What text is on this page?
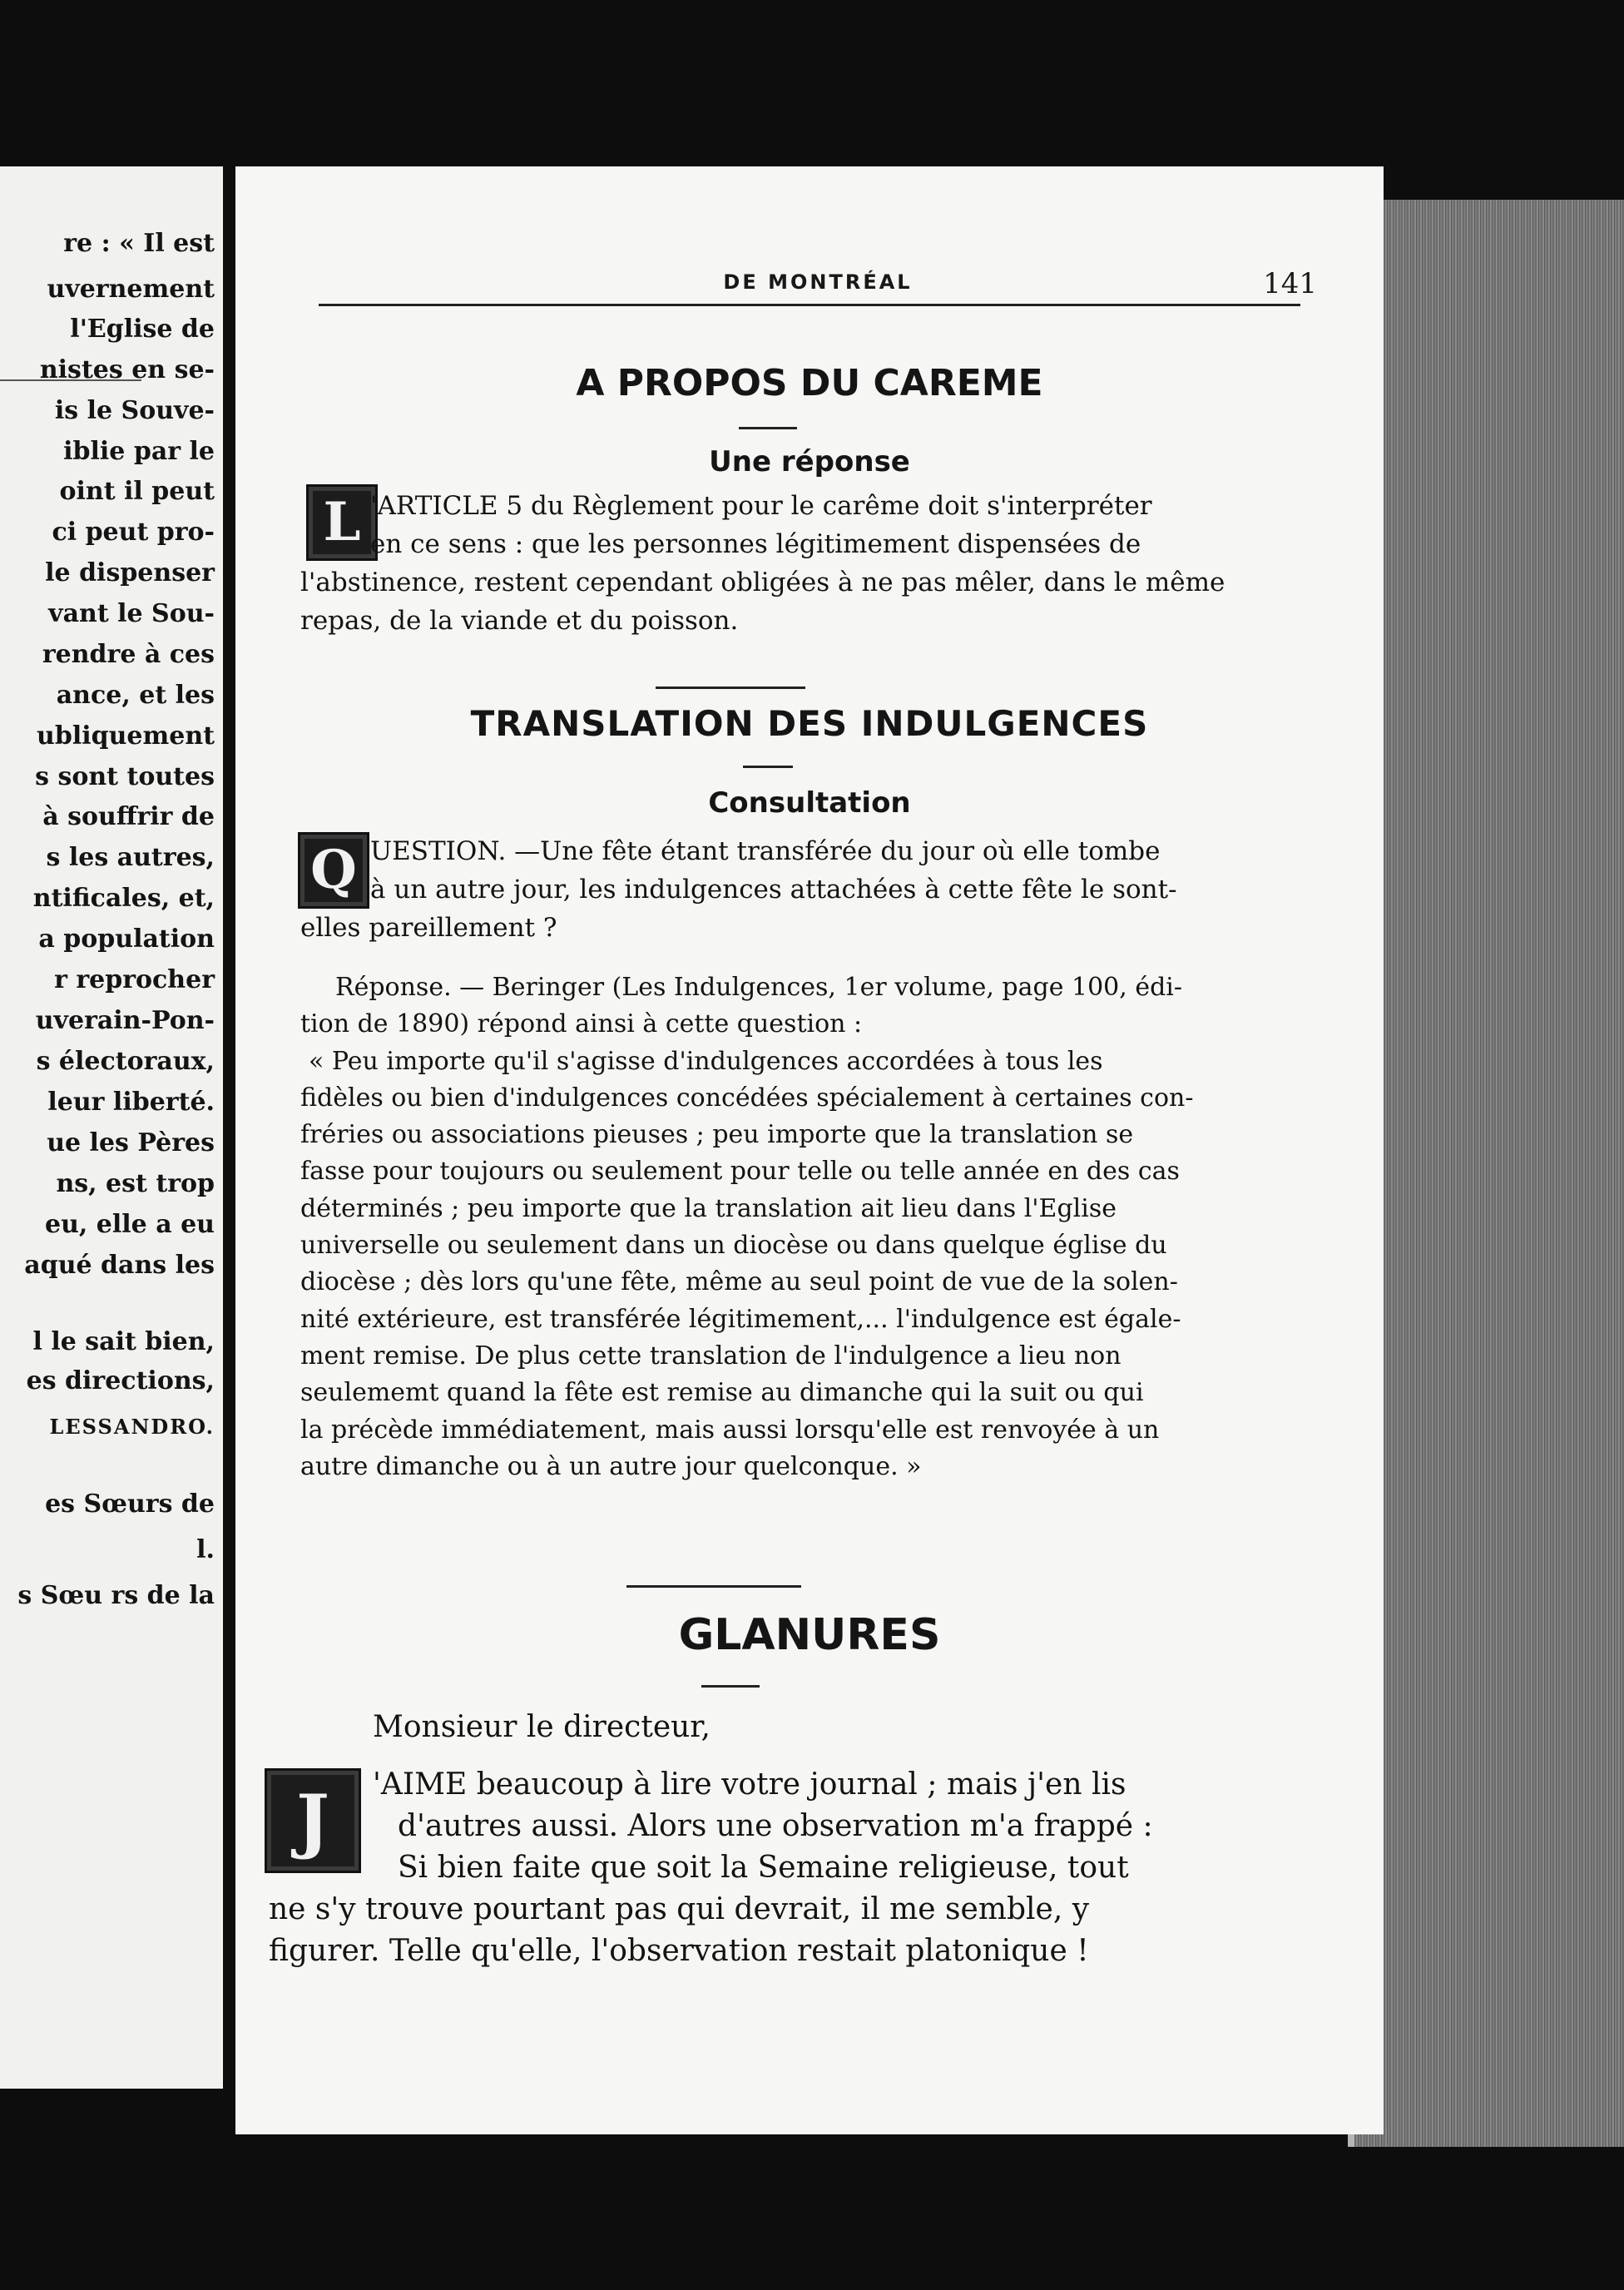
re : « Il est
uvernement
l'Eglise de
nistes en se-
is le Souve-
iblie par le
oint il peut
ci peut pro-
le dispenser
vant le Sou-
rendre à ces
ance, et les
ubliquement
s sont toutes
à souffrir de
s les autres,
ntificales, et,
a population
r reprocher
uverain-Pon-
s électoraux,
leur liberté.
ue les Pères
ns, est trop
eu, elle a eu
aqué dans les
l le sait bien,
es directions,
LESSANDRO.
es Sœurs de
l.
s Sœu rs de la
DE MONTRÉAL	141
A PROPOS DU CAREME
Une réponse
L 'ARTICLE 5 du Règlement pour le carême doit s'interpréter
en ce sens : que les personnes légitimement dispensées de
l'abstinence, restent cependant obligées à ne pas mêler, dans le même
repas, de la viande et du poisson.
TRANSLATION DES INDULGENCES
Consultation
Q UESTION. —Une fête étant transférée du jour où elle tombe
à un autre jour, les indulgences attachées à cette fête le sont-
elles pareillement ?
Réponse. — Beringer (Les Indulgences, 1er volume, page 100, édi-
tion de 1890) répond ainsi à cette question :
« Peu importe qu'il s'agisse d'indulgences accordées à tous les
fidèles ou bien d'indulgences concédées spécialement à certaines con-
fréries ou associations pieuses ; peu importe que la translation se
fasse pour toujours ou seulement pour telle ou telle année en des cas
déterminés ; peu importe que la translation ait lieu dans l'Eglise
universelle ou seulement dans un diocèse ou dans quelque église du
diocèse ; dès lors qu'une fête, même au seul point de vue de la solen-
nité extérieure, est transférée légitimement,... l'indulgence est égale-
ment remise. De plus cette translation de l'indulgence a lieu non
seulememt quand la fête est remise au dimanche qui la suit ou qui
la précède immédiatement, mais aussi lorsqu'elle est renvoyée à un
autre dimanche ou à un autre jour quelconque. »
GLANURES
Monsieur le directeur,
J	'AIME beaucoup à lire votre journal ; mais j'en lis
d'autres aussi. Alors une observation m'a frappé :
Si bien faite que soit la Semaine religieuse, tout
ne s'y trouve pourtant pas qui devrait, il me semble, y
figurer. Telle qu'elle, l'observation restait platonique !
